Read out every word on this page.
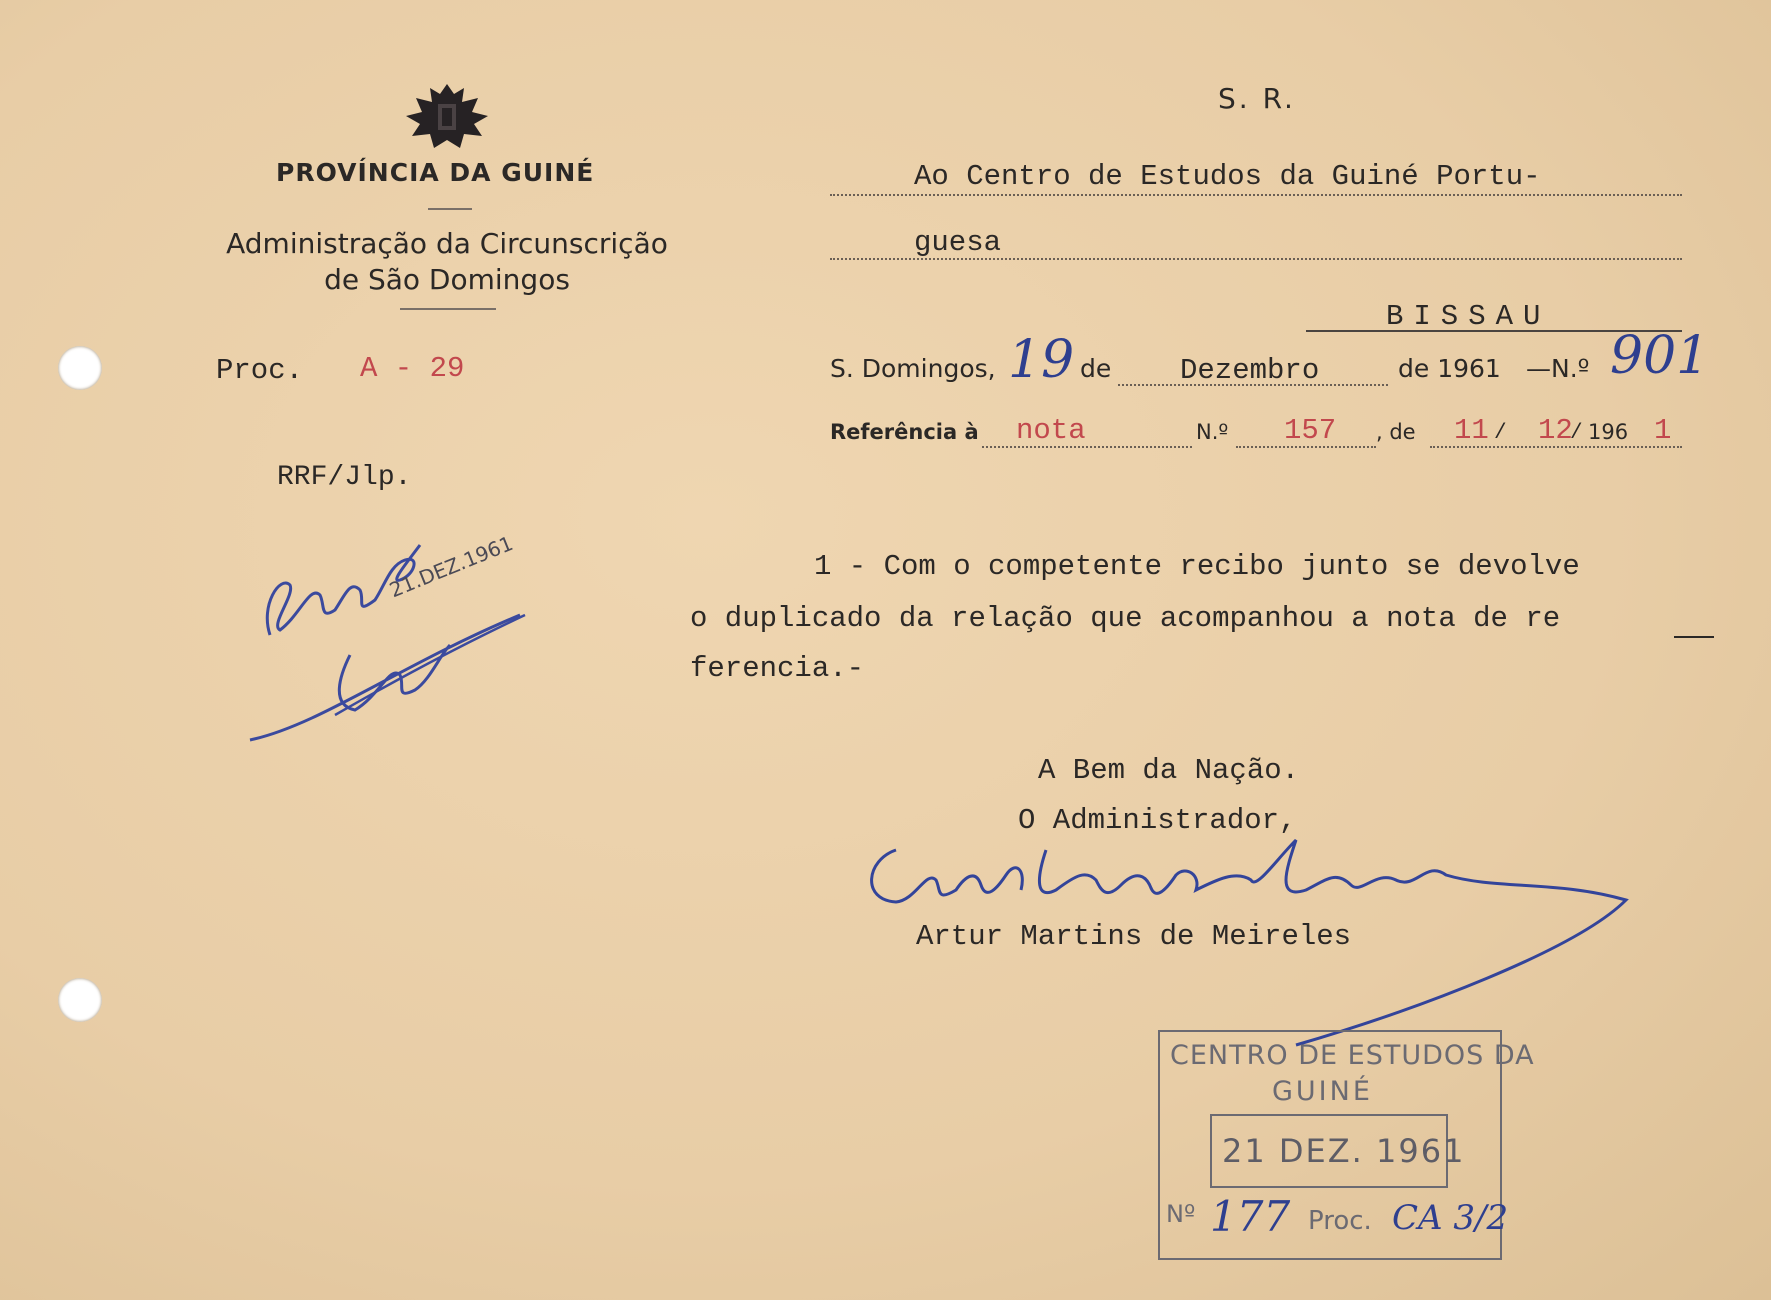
PROVÍNCIA DA GUINÉ
Administração da Circunscrição de São Domingos
Proc. A - 29
RRF/Jlp.
21.DEZ.1961
S. R.
Ao Centro de Estudos da Guiné Portu-
guesa
BISSAU
S. Domingos, 19 de Dezembro	de 1961 —N.º 901
Referência à nota	N.º 157 , de 11 / 12
/ 196 1
1 - Com o competente recibo junto se devolve
o duplicado da relação que acompanhou a nota de re
ferencia.-
A Bem da Nação.
O Administrador,
Artur Martins de Meireles
CENTRO DE ESTUDOS DA
GUINÉ
21 DEZ. 1961
Nº 177 Proc. CA 3/2
